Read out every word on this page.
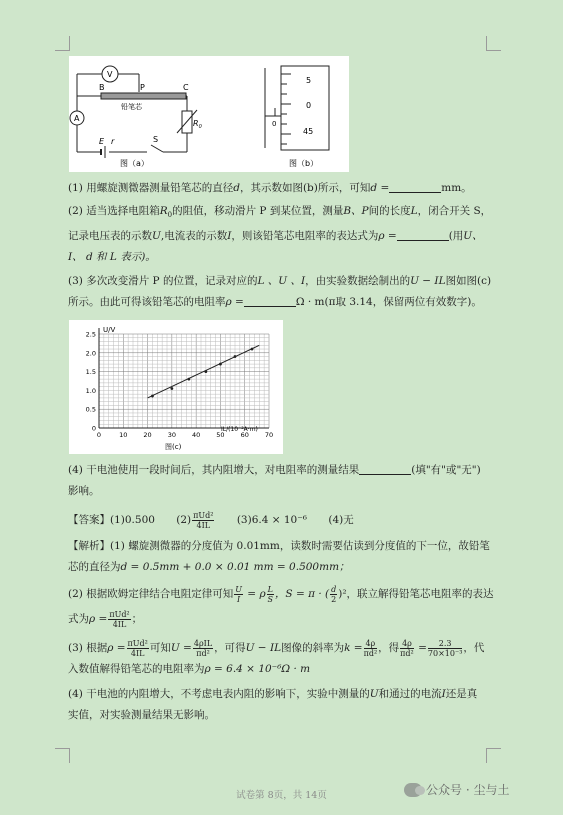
V
A
B	P	C
铅笔芯
$R_0$
E r	S
图（a）
5
0
45
0
图（b）
(1) 用螺旋测微器测量铅笔芯的直径d，其示数如图(b)所示，可知d =	mm。
(2) 适当选择电阻箱$R_0$的阻值，移动滑片 P 到某位置，测量B、P间的长度L，闭合开关 S，
记录电压表的示数U,电流表的示数I，则该铅笔芯电阻率的表达式为ρ =	(用U、
I、 d 和 L 表示)。
(3) 多次改变滑片 P 的位置，记录对应的L 、U 、I，由实验数据绘制出的U − IL图如图(c)
所示。由此可得该铅笔芯的电阻率ρ =	Ω · m(π取 3.14，保留两位有效数字)。
0
0.5
1.0
1.5
2.0
2.5
0	10 20 30 40 50 60 70
U/V
IL/(10⁻³A·m)
图(c)
(4) 干电池使用一段时间后，其内阻增大，对电阻率的测量结果	(填"有"或"无")
影响。
【答案】(1)0.500 $(2) \frac{\text{πUd²}}{4IL} (3)6.4 \times 10^{-6}$ (4)无
【解析】(1) 螺旋测微器的分度值为 0.01mm，读数时需要估读到分度值的下一位，故铅笔
芯的直径为d = 0.5mm + 0.0 × 0.01 mm = 0.500mm；
(2) 根据欧姆定律结合电阻定律可知 $\frac{U}{I} = \rho \frac{L}{S}$ ，S = π · ( $\frac{d}{2} )^2$，联立解得铅笔芯电阻率的表达
式为$\rho = \frac{\text{πUd²}}{4IL}$ ；
(3) 根据$\rho = \frac{\text{πUd²}}{4IL}$ 可知$U = \frac{\text{4ρIL}}{\text{πd²}}$ ，可得U − IL图像的斜率为$k = \frac{4\rho}{\text{πd²}}$ ，得 $\frac{4\rho}{\text{πd²}} = \frac{2.3}{\text{70×10⁻³}}$ ，代
入数值解得铅笔芯的电阻率为ρ = 6.4 × 10⁻⁶Ω · m
(4) 干电池的内阻增大，不考虑电表内阻的影响下，实验中测量的U和通过的电流I还是真
实值，对实验测量结果无影响。
试卷第 8页，共 14页	公众号 · 尘与土
